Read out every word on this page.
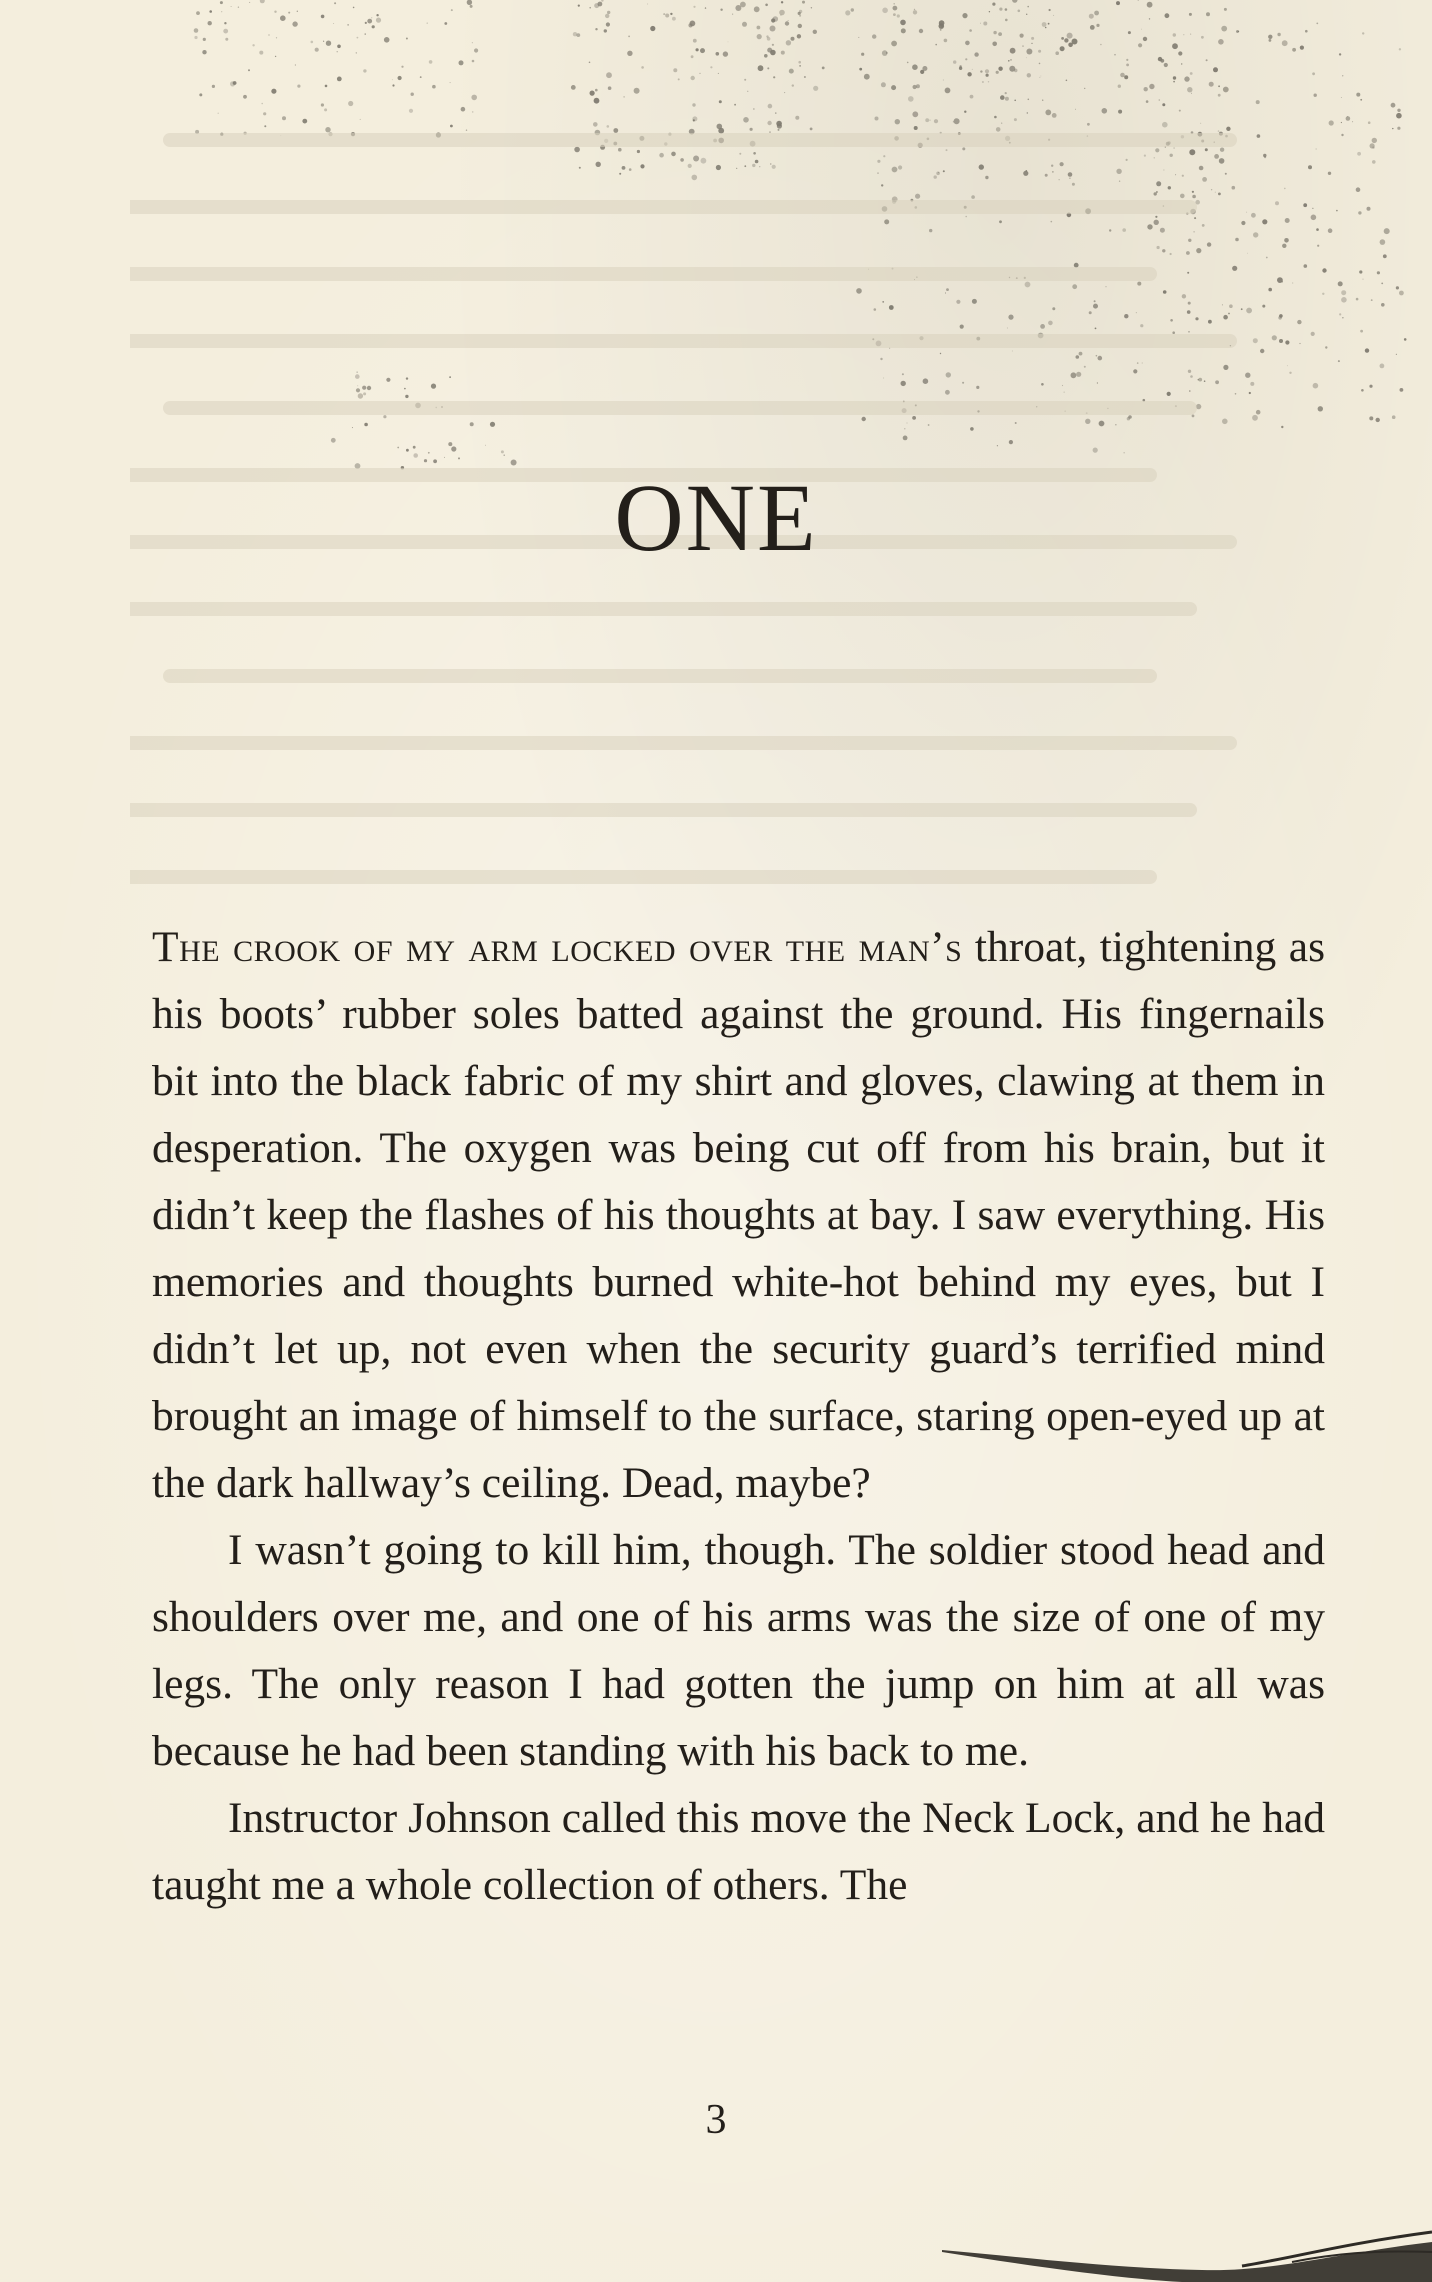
ONE

The crook of my arm locked over the man’s throat, tightening as his boots’ rubber soles batted against the ground. His fingernails bit into the black fabric of my shirt and gloves, clawing at them in desperation. The oxygen was being cut off from his brain, but it didn’t keep the flashes of his thoughts at bay. I saw everything. His memories and thoughts burned white-hot behind my eyes, but I didn’t let up, not even when the security guard’s terrified mind brought an image of himself to the surface, staring open-eyed up at the dark hallway’s ceiling. Dead, maybe?

I wasn’t going to kill him, though. The soldier stood head and shoulders over me, and one of his arms was the size of one of my legs. The only reason I had gotten the jump on him at all was because he had been standing with his back to me.

Instructor Johnson called this move the Neck Lock, and he had taught me a whole collection of others. The

3
